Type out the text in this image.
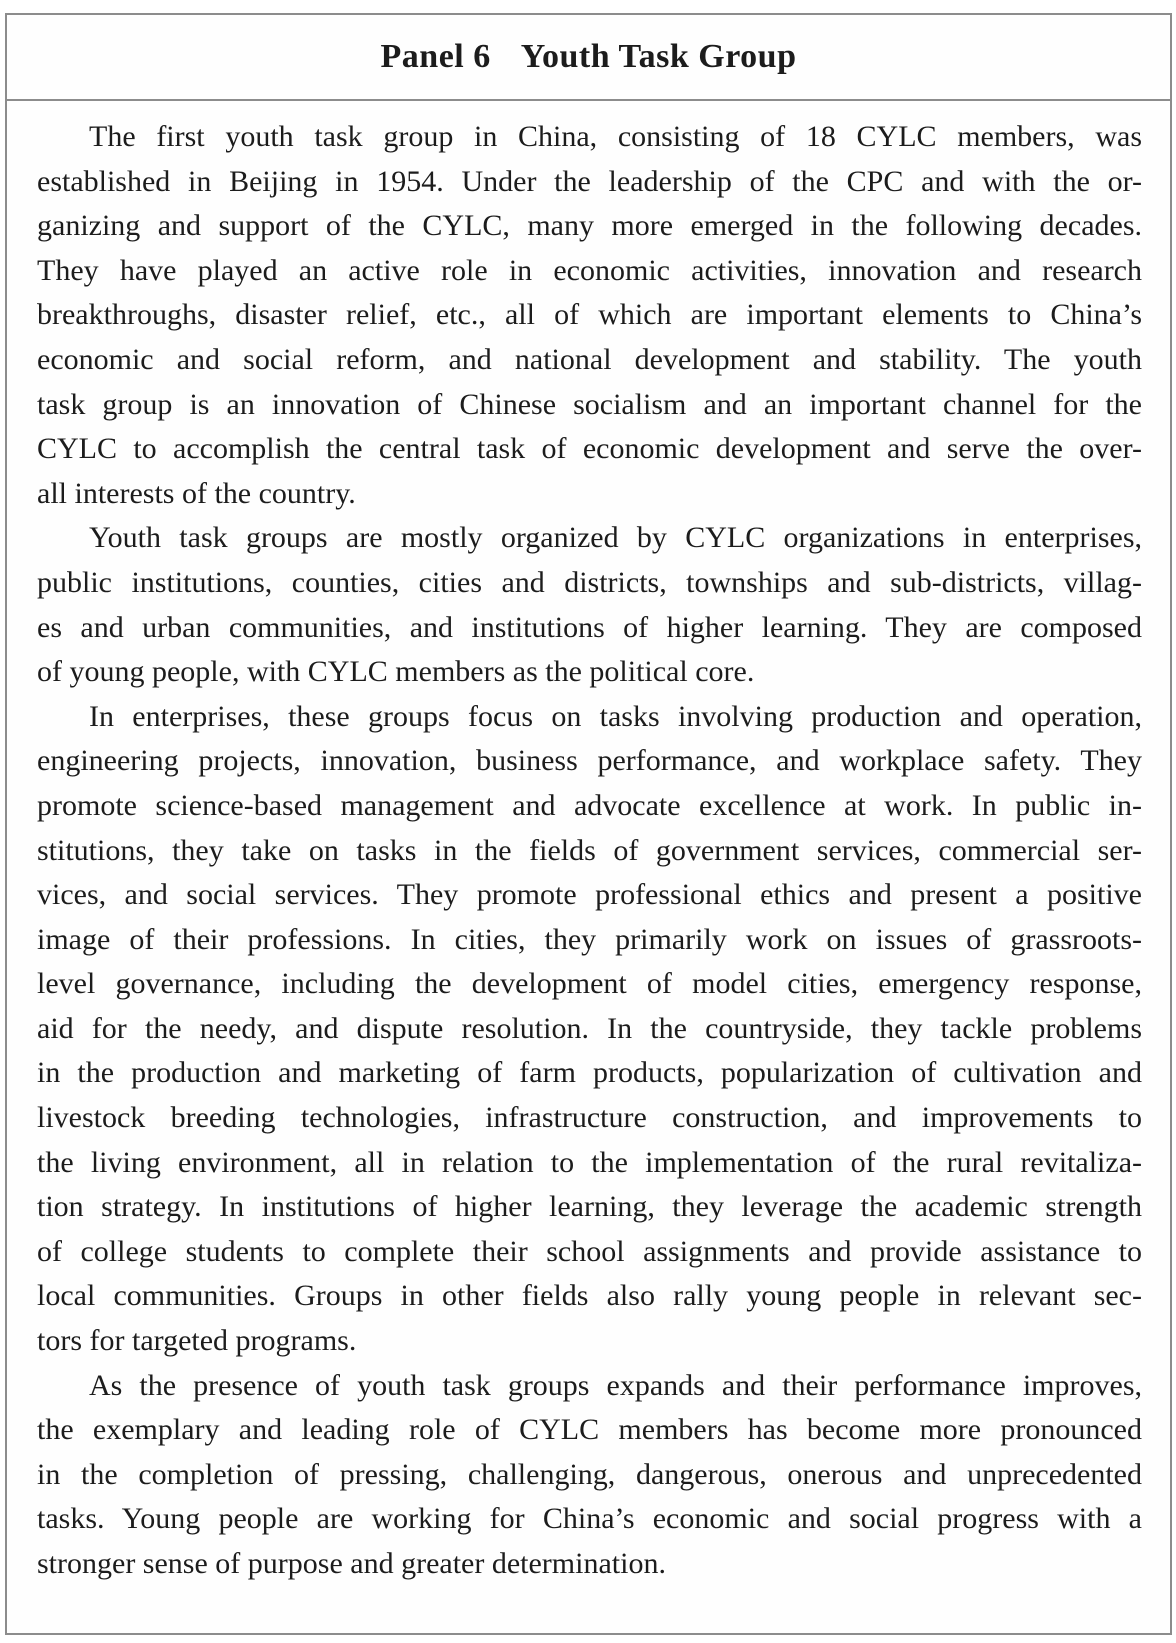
Panel 6 Youth Task Group
The first youth task group in China, consisting of 18 CYLC members, was
established in Beijing in 1954. Under the leadership of the CPC and with the or-
ganizing and support of the CYLC, many more emerged in the following decades.
They have played an active role in economic activities, innovation and research
breakthroughs, disaster relief, etc., all of which are important elements to China’s
economic and social reform, and national development and stability. The youth
task group is an innovation of Chinese socialism and an important channel for the
CYLC to accomplish the central task of economic development and serve the over-
all interests of the country.
Youth task groups are mostly organized by CYLC organizations in enterprises,
public institutions, counties, cities and districts, townships and sub-districts, villag-
es and urban communities, and institutions of higher learning. They are composed
of young people, with CYLC members as the political core.
In enterprises, these groups focus on tasks involving production and operation,
engineering projects, innovation, business performance, and workplace safety. They
promote science-based management and advocate excellence at work. In public in-
stitutions, they take on tasks in the fields of government services, commercial ser-
vices, and social services. They promote professional ethics and present a positive
image of their professions. In cities, they primarily work on issues of grassroots-
level governance, including the development of model cities, emergency response,
aid for the needy, and dispute resolution. In the countryside, they tackle problems
in the production and marketing of farm products, popularization of cultivation and
livestock breeding technologies, infrastructure construction, and improvements to
the living environment, all in relation to the implementation of the rural revitaliza-
tion strategy. In institutions of higher learning, they leverage the academic strength
of college students to complete their school assignments and provide assistance to
local communities. Groups in other fields also rally young people in relevant sec-
tors for targeted programs.
As the presence of youth task groups expands and their performance improves,
the exemplary and leading role of CYLC members has become more pronounced
in the completion of pressing, challenging, dangerous, onerous and unprecedented
tasks. Young people are working for China’s economic and social progress with a
stronger sense of purpose and greater determination.
